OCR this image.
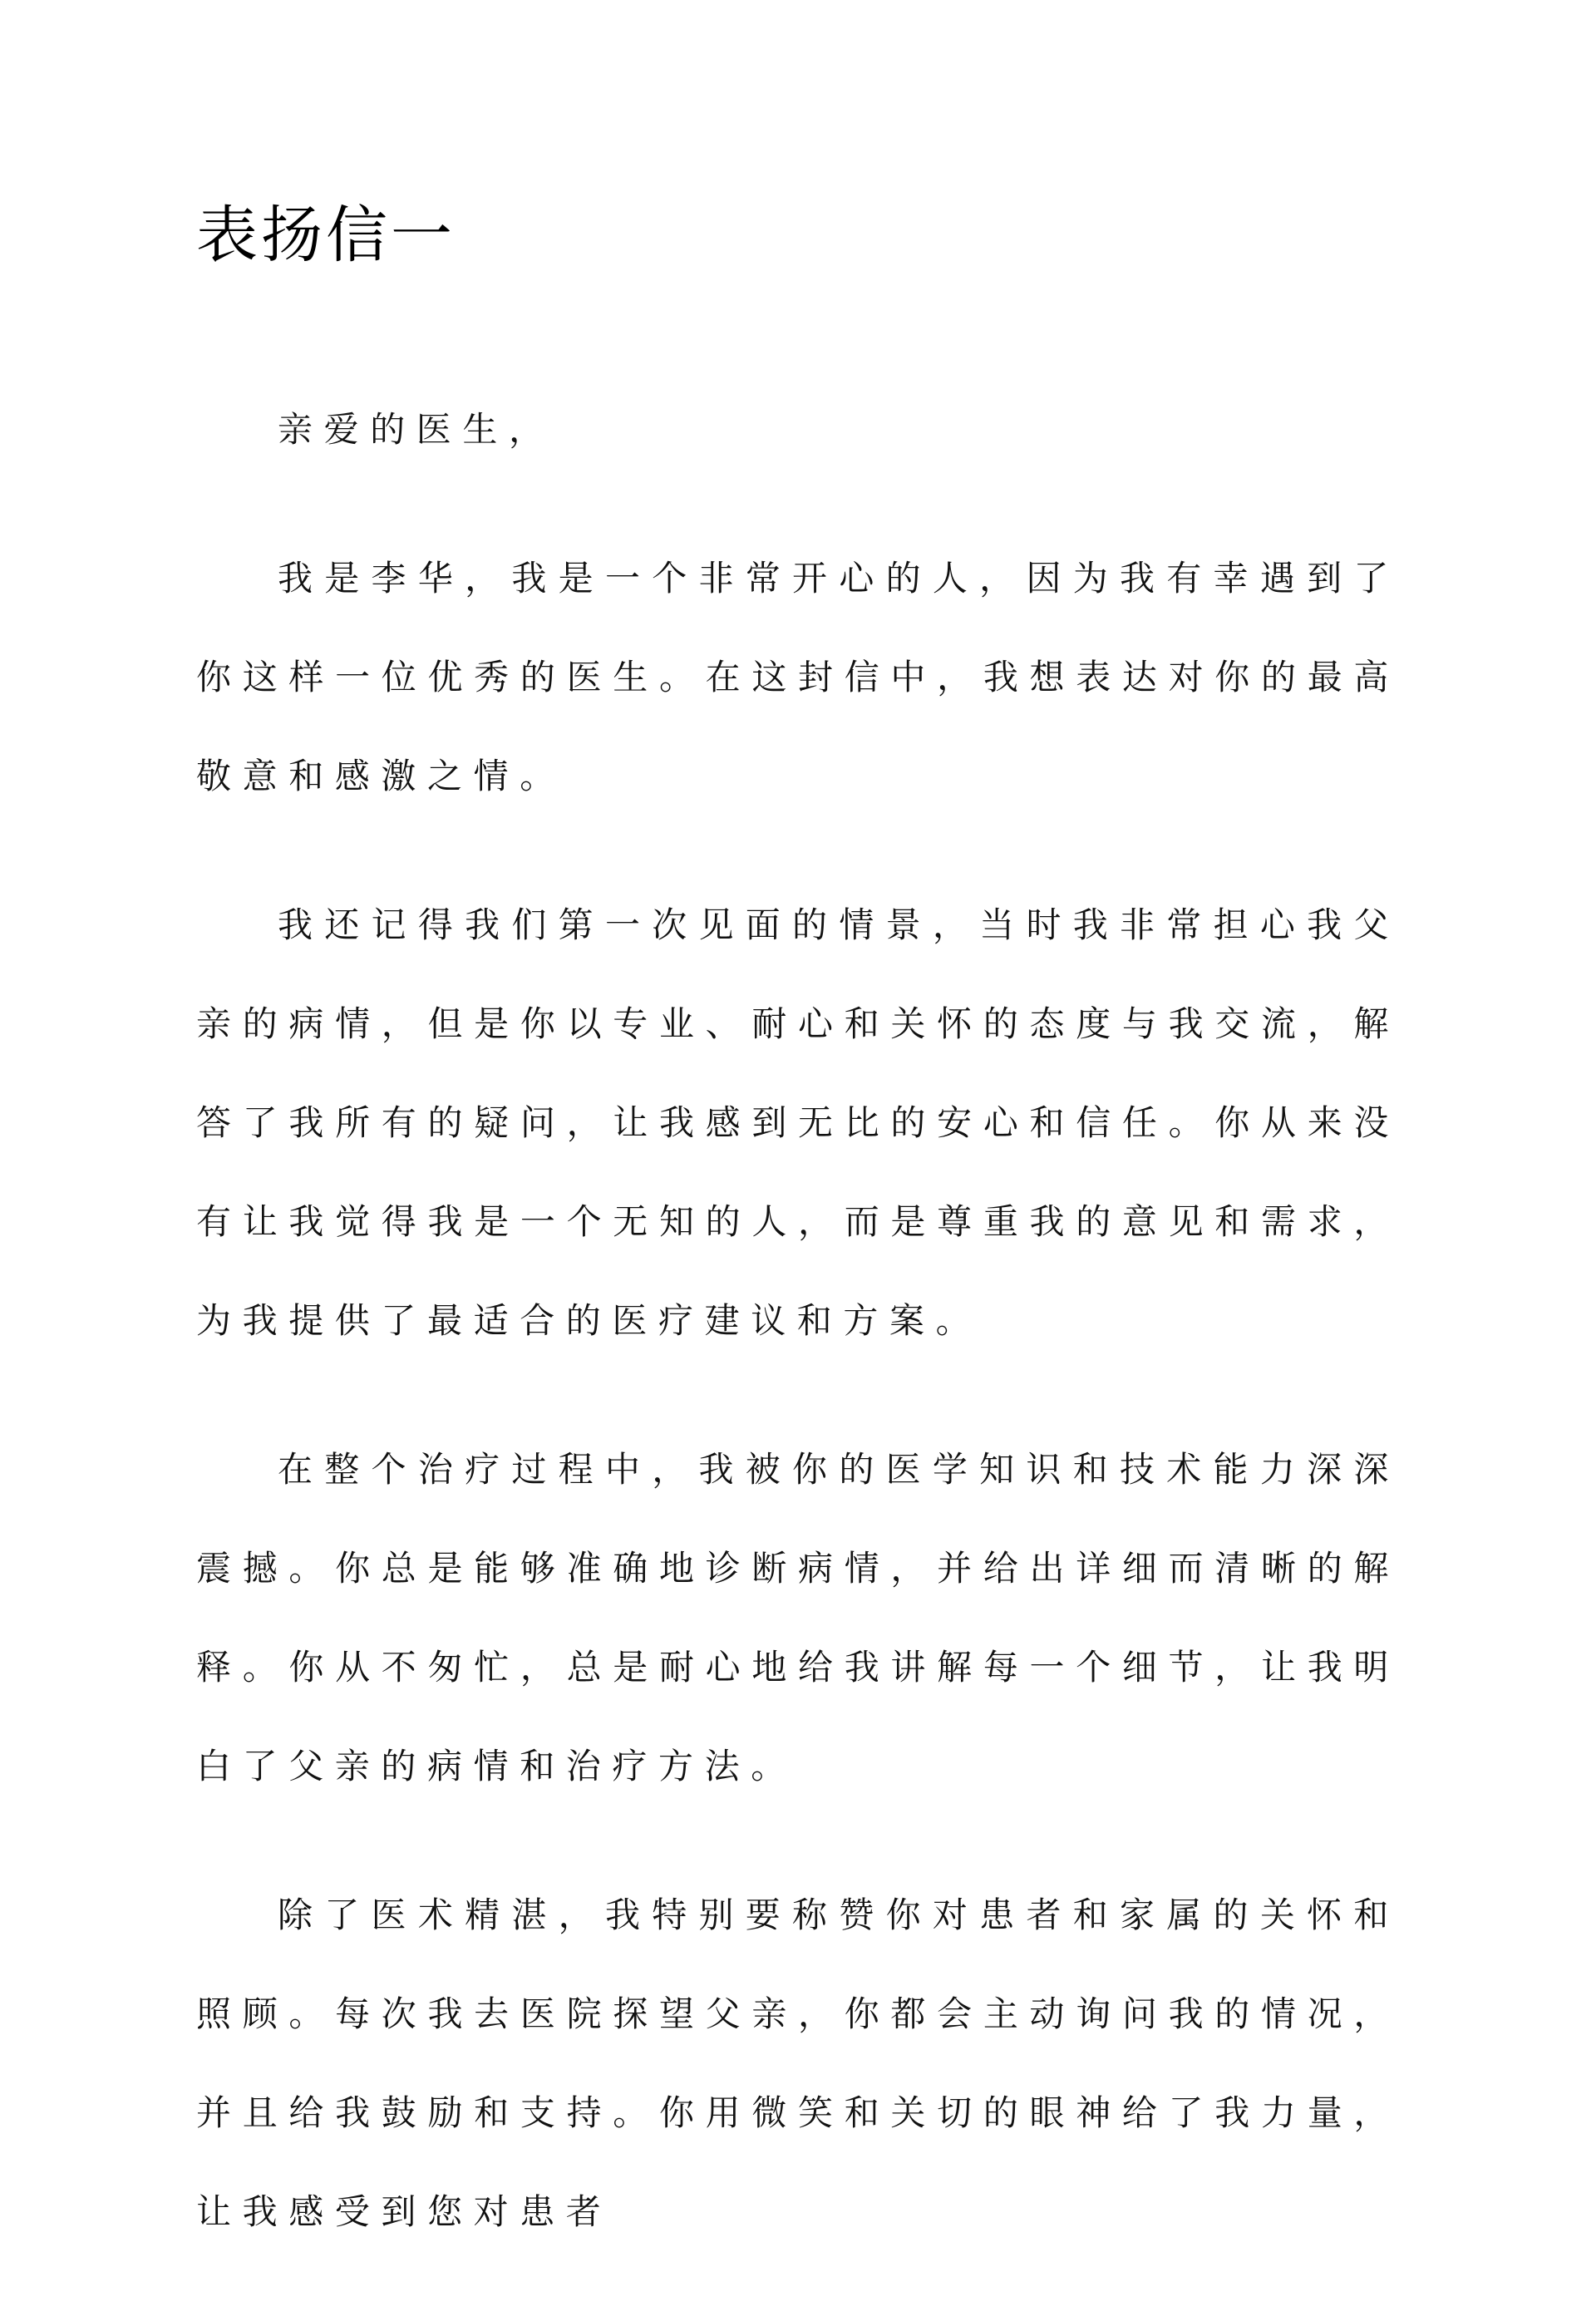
表扬信一

亲爱的医生，

我是李华，我是一个非常开心的人，因为我有幸遇到了你这样一位优秀的医生。在这封信中，我想表达对你的最高敬意和感激之情。

我还记得我们第一次见面的情景，当时我非常担心我父亲的病情，但是你以专业、耐心和关怀的态度与我交流，解答了我所有的疑问，让我感到无比的安心和信任。你从来没有让我觉得我是一个无知的人，而是尊重我的意见和需求，为我提供了最适合的医疗建议和方案。

在整个治疗过程中，我被你的医学知识和技术能力深深震撼。你总是能够准确地诊断病情，并给出详细而清晰的解释。你从不匆忙，总是耐心地给我讲解每一个细节，让我明白了父亲的病情和治疗方法。

除了医术精湛，我特别要称赞你对患者和家属的关怀和照顾。每次我去医院探望父亲，你都会主动询问我的情况，并且给我鼓励和支持。你用微笑和关切的眼神给了我力量，让我感受到您对患者
